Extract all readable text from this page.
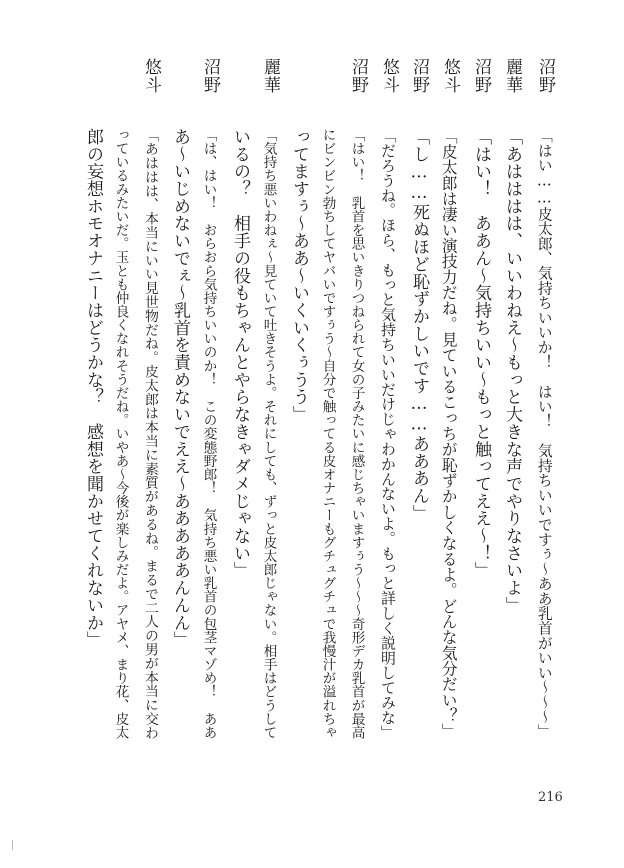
沼野
「はい……皮太郎、気持ちいいか！　はい！　気持ちいいですぅ〜ああ乳首がいい〜〜〜」
麗華
「あはははは、いいわねえ〜もっと大きな声でやりなさいよ」
沼野
「はい！　ああん〜気持ちいい〜もっと触ってええ〜！」
悠斗
「皮太郎は凄い演技力だね。見ているこっちが恥ずかしくなるよ。どんな気分だい？」
沼野
「し……死ぬほど恥ずかしいです……あああん」
悠斗
「だろうね。ほら、もっと気持ちいいだけじゃわかんないよ。もっと詳しく説明してみな」
沼野
「はい！　乳首を思いきりつねられて女の子みたいに感じちゃいますぅう〜〜〜奇形デカ乳首が最高
にビンビン勃ちしてヤバいですぅう〜自分で触ってる皮オナニーもグチュグチュで我慢汁が溢れちゃ
ってますぅ〜ああ〜いくいくぅうう」
麗華
「気持ち悪いわねぇ〜見ていて吐きそうよ。それにしても、ずっと皮太郎じゃない。相手はどうして
いるの？　相手の役もちゃんとやらなきゃダメじゃない」
沼野
「は、はい！　おらおら気持ちいいのか！　この変態野郎！　気持ち悪い乳首の包茎マゾめ！　ああ
あ〜いじめないでぇ〜乳首を責めないでええ〜あああああんんん」
悠斗
「あははは、本当にいい見世物だね。皮太郎は本当に素質があるね。まるで二人の男が本当に交わ
っているみたいだ。玉とも仲良くなれそうだね。いやあ〜今後が楽しみだよ。アヤメ、まり花、皮太
郎の妄想ホモオナニーはどうかな？　感想を聞かせてくれないか」
216
